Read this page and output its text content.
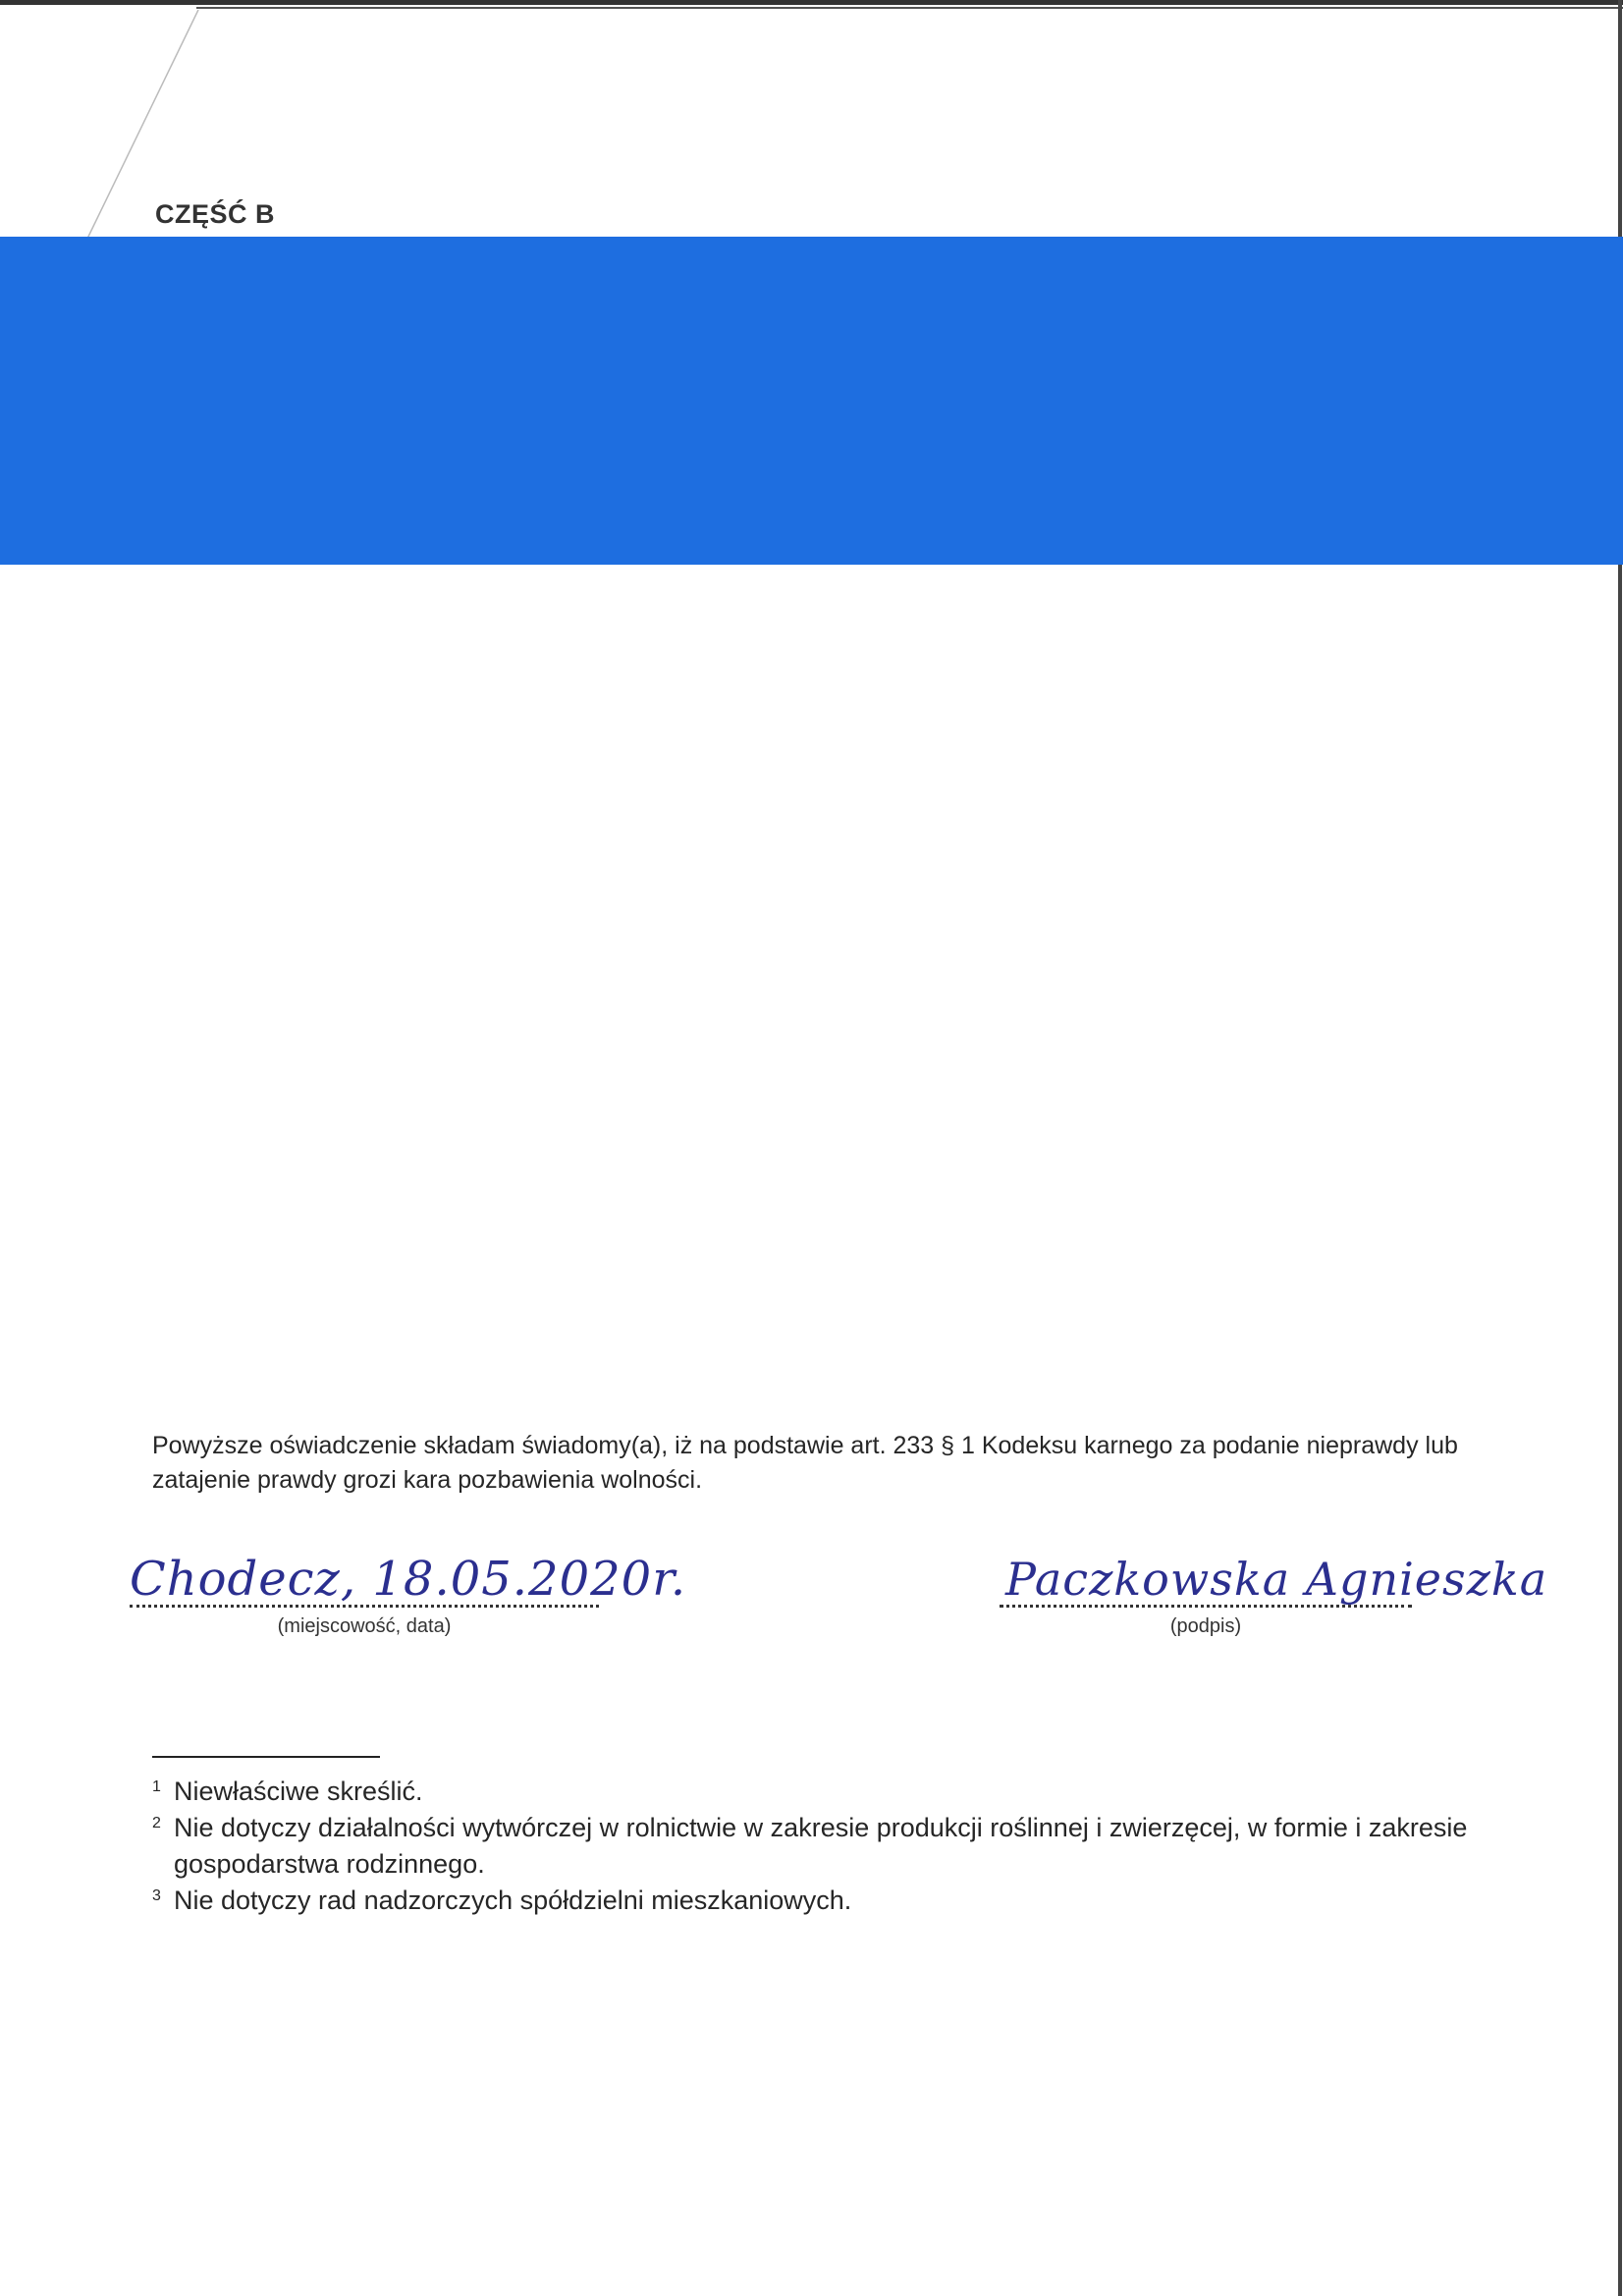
CZĘŚĆ B
Powyższe oświadczenie składam świadomy(a), iż na podstawie art. 233 § 1 Kodeksu karnego za podanie nieprawdy lub zatajenie prawdy grozi kara pozbawienia wolności.
Chodecz, 18.05.2020r.
(miejscowość, data)
Paczkowska Agnieszka
(podpis)
1 Niewłaściwe skreślić.
2 Nie dotyczy działalności wytwórczej w rolnictwie w zakresie produkcji roślinnej i zwierzęcej, w formie i zakresie gospodarstwa rodzinnego.
3 Nie dotyczy rad nadzorczych spółdzielni mieszkaniowych.
